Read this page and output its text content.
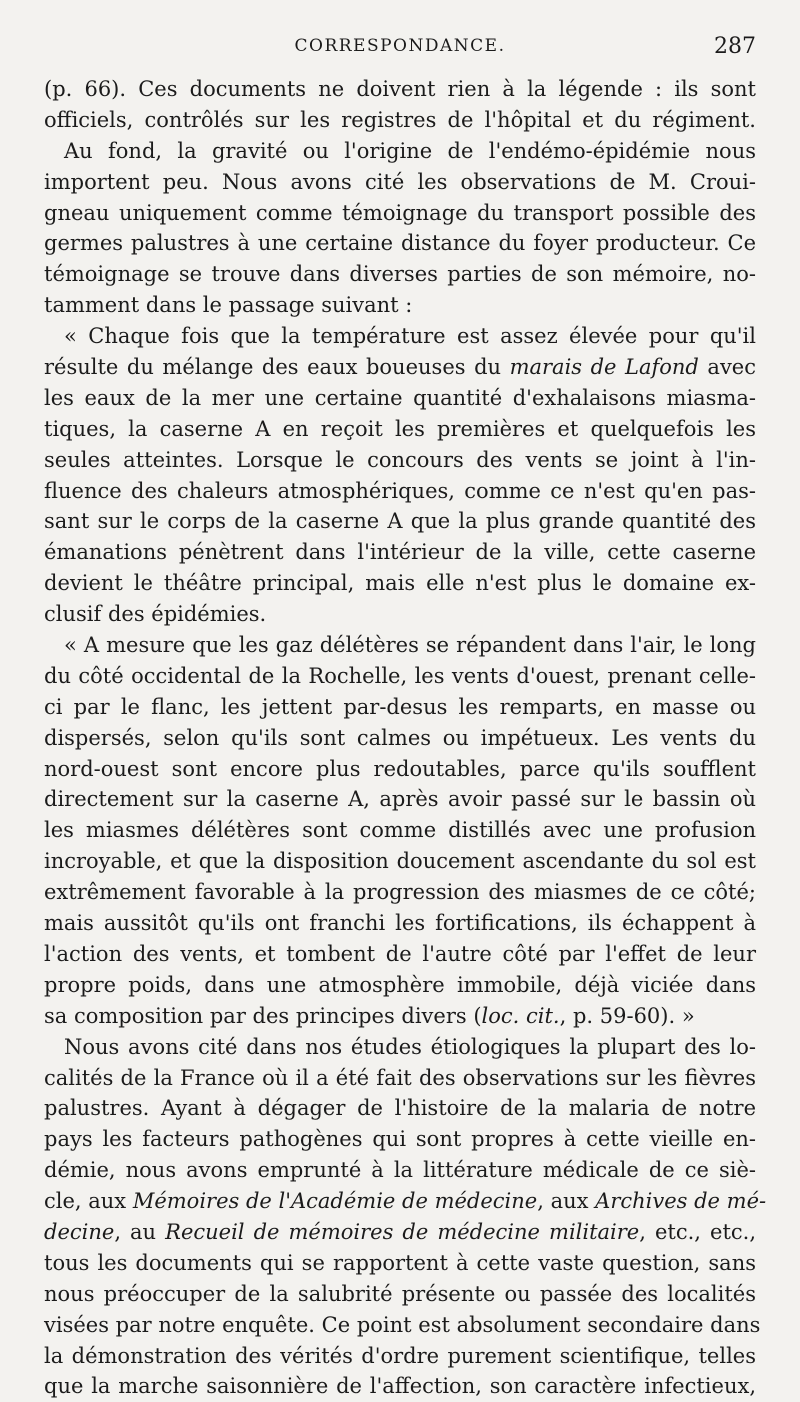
CORRESPONDANCE.	287
(p. 66). Ces documents ne doivent rien à la légende : ils sont
officiels, contrôlés sur les registres de l'hôpital et du régiment.
Au fond, la gravité ou l'origine de l'endémo-épidémie nous
importent peu. Nous avons cité les observations de M. Croui-
gneau uniquement comme témoignage du transport possible des
germes palustres à une certaine distance du foyer producteur. Ce
témoignage se trouve dans diverses parties de son mémoire, no-
tamment dans le passage suivant :
« Chaque fois que la température est assez élevée pour qu'il
résulte du mélange des eaux boueuses du marais de Lafond avec
les eaux de la mer une certaine quantité d'exhalaisons miasma-
tiques, la caserne A en reçoit les premières et quelquefois les
seules atteintes. Lorsque le concours des vents se joint à l'in-
fluence des chaleurs atmosphériques, comme ce n'est qu'en pas-
sant sur le corps de la caserne A que la plus grande quantité des
émanations pénètrent dans l'intérieur de la ville, cette caserne
devient le théâtre principal, mais elle n'est plus le domaine ex-
clusif des épidémies.
« A mesure que les gaz délétères se répandent dans l'air, le long
du côté occidental de la Rochelle, les vents d'ouest, prenant celle-
ci par le flanc, les jettent par-desus les remparts, en masse ou
dispersés, selon qu'ils sont calmes ou impétueux. Les vents du
nord-ouest sont encore plus redoutables, parce qu'ils soufflent
directement sur la caserne A, après avoir passé sur le bassin où
les miasmes délétères sont comme distillés avec une profusion
incroyable, et que la disposition doucement ascendante du sol est
extrêmement favorable à la progression des miasmes de ce côté;
mais aussitôt qu'ils ont franchi les fortifications, ils échappent à
l'action des vents, et tombent de l'autre côté par l'effet de leur
propre poids, dans une atmosphère immobile, déjà viciée dans
sa composition par des principes divers (loc. cit., p. 59-60). »
Nous avons cité dans nos études étiologiques la plupart des lo-
calités de la France où il a été fait des observations sur les fièvres
palustres. Ayant à dégager de l'histoire de la malaria de notre
pays les facteurs pathogènes qui sont propres à cette vieille en-
démie, nous avons emprunté à la littérature médicale de ce siè-
cle, aux Mémoires de l'Académie de médecine, aux Archives de mé-
decine, au Recueil de mémoires de médecine militaire, etc., etc.,
tous les documents qui se rapportent à cette vaste question, sans
nous préoccuper de la salubrité présente ou passée des localités
visées par notre enquête. Ce point est absolument secondaire dans
la démonstration des vérités d'ordre purement scientifique, telles
que la marche saisonnière de l'affection, son caractère infectieux,
